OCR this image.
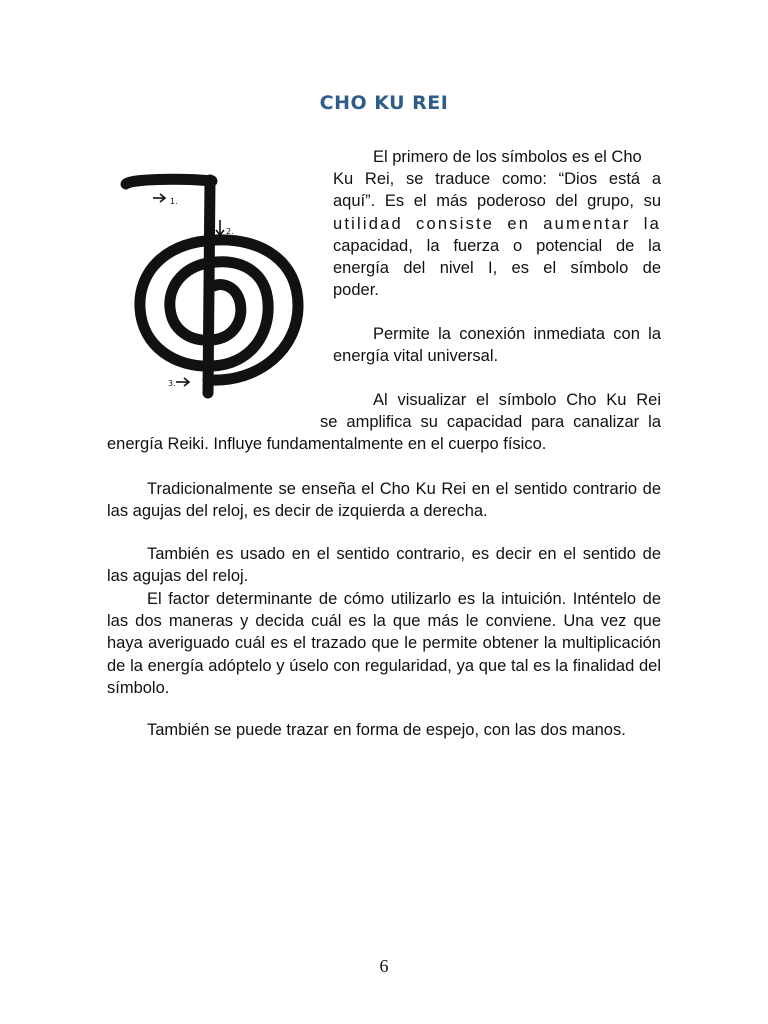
CHO KU REI
1.
2.
3.

El primero de los símbolos es el Cho

Ku Rei, se traduce como: “Dios está a

aquí”. Es el más poderoso del grupo, su

utilidad consiste en aumentar la

capacidad, la fuerza o potencial de la

energía del nivel I, es el símbolo de

poder.

Permite la conexión inmediata con la

energía vital universal.

Al visualizar el símbolo Cho Ku Rei

se amplifica su capacidad para canalizar la

energía Reiki. Influye fundamentalmente en el cuerpo físico.

Tradicionalmente se enseña el Cho Ku Rei en el sentido contrario de las agujas del reloj, es decir de izquierda a derecha.

También es usado en el sentido contrario, es decir en el sentido de las agujas del reloj.

El factor determinante de cómo utilizarlo es la intuición. Inténtelo de las dos maneras y decida cuál es la que más le conviene. Una vez que haya averiguado cuál es el trazado que le permite obtener la multiplicación de la energía adóptelo y úselo con regularidad, ya que tal es la finalidad del símbolo.

También se puede trazar en forma de espejo, con las dos manos.

6
